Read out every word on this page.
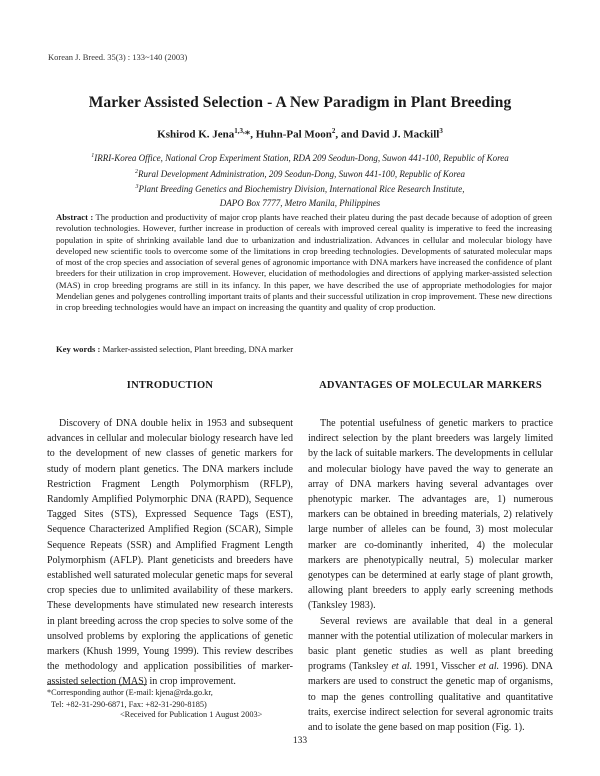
Korean J. Breed. 35(3) : 133~140 (2003)
Marker Assisted Selection - A New Paradigm in Plant Breeding
Kshirod K. Jena$^{1,3,}$*, Huhn-Pal Moon$^2$, and David J. Mackill$^3$
$^1$IRRI-Korea Office, National Crop Experiment Station, RDA 209 Seodun-Dong, Suwon 441-100, Republic of Korea
$^2$Rural Development Administration, 209 Seodun-Dong, Suwon 441-100, Republic of Korea
$^3$Plant Breeding Genetics and Biochemistry Division, International Rice Research Institute,
DAPO Box 7777, Metro Manila, Philippines
Abstract : The production and productivity of major crop plants have reached their plateu during the past decade because of adoption of green revolution technologies. However, further increase in production of cereals with improved cereal quality is imperative to feed the increasing population in spite of shrinking available land due to urbanization and industrialization. Advances in cellular and molecular biology have developed new scientific tools to overcome some of the limitations in crop breeding technologies. Developments of saturated molecular maps of most of the crop species and association of several genes of agronomic importance with DNA markers have increased the confidence of plant breeders for their utilization in crop improvement. However, elucidation of methodologies and directions of applying marker-assisted selection (MAS) in crop breeding programs are still in its infancy. In this paper, we have described the use of appropriate methodologies for major Mendelian genes and polygenes controlling important traits of plants and their successful utilization in crop improvement. These new directions in crop breeding technologies would have an impact on increasing the quantity and quality of crop production.
Key words : Marker-assisted selection, Plant breeding, DNA marker
INTRODUCTION

Discovery of DNA double helix in 1953 and subsequent advances in cellular and molecular biology research have led to the development of new classes of genetic markers for study of modern plant genetics. The DNA markers include Restriction Fragment Length Polymorphism (RFLP), Randomly Amplified Polymorphic DNA (RAPD), Sequence Tagged Sites (STS), Expressed Sequence Tags (EST), Sequence Characterized Amplified Region (SCAR), Simple Sequence Repeats (SSR) and Amplified Fragment Length Polymorphism (AFLP). Plant geneticists and breeders have established well saturated molecular genetic maps for several crop species due to unlimited availability of these markers. These developments have stimulated new research interests in plant breeding across the crop species to solve some of the unsolved problems by exploring the applications of genetic markers (Khush 1999, Young 1999). This review describes the methodology and application possibilities of marker-assisted selection (MAS) in crop improvement.

ADVANTAGES OF MOLECULAR MARKERS

The potential usefulness of genetic markers to practice indirect selection by the plant breeders was largely limited by the lack of suitable markers. The developments in cellular and molecular biology have paved the way to generate an array of DNA markers having several advantages over phenotypic marker. The advantages are, 1) numerous markers can be obtained in breeding materials, 2) relatively large number of alleles can be found, 3) most molecular marker are co-dominantly inherited, 4) the molecular markers are phenotypically neutral, 5) molecular marker genotypes can be determined at early stage of plant growth, allowing plant breeders to apply early screening methods (Tanksley 1983).

Several reviews are available that deal in a general manner with the potential utilization of molecular markers in basic plant genetic studies as well as plant breeding programs (Tanksley et al. 1991, Visscher et al. 1996). DNA markers are used to construct the genetic map of organisms, to map the genes controlling qualitative and quantitative traits, exercise indirect selection for several agronomic traits and to isolate the gene based on map position (Fig. 1).

*Corresponding author (E-mail: kjena@rda.go.kr,
Tel: +82-31-290-6871, Fax: +82-31-290-8185)
<Received for Publication 1 August 2003>
133
